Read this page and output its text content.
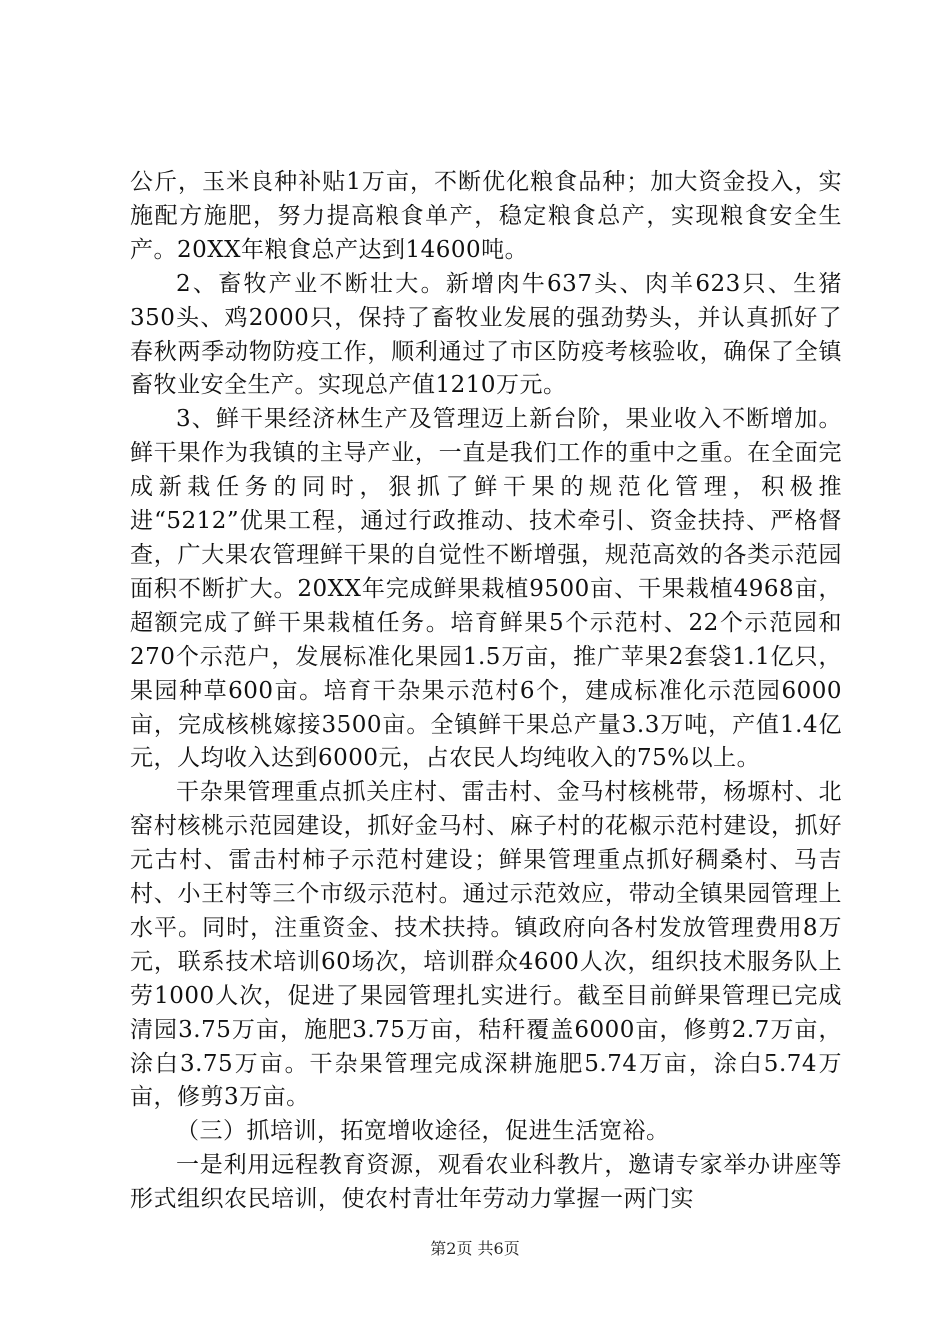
公斤，玉米良种补贴1万亩，不断优化粮食品种；加大资金投入，实施配方施肥，努力提高粮食单产，稳定粮食总产，实现粮食安全生产。20XX年粮食总产达到14600吨。

2、畜牧产业不断壮大。新增肉牛637头、肉羊623只、生猪350头、鸡2000只，保持了畜牧业发展的强劲势头，并认真抓好了春秋两季动物防疫工作，顺利通过了市区防疫考核验收，确保了全镇畜牧业安全生产。实现总产值1210万元。

3、鲜干果经济林生产及管理迈上新台阶，果业收入不断增加。鲜干果作为我镇的主导产业，一直是我们工作的重中之重。在全面完成新栽任务的同时，狠抓了鲜干果的规范化管理，积极推进“5212”优果工程，通过行政推动、技术牵引、资金扶持、严格督查，广大果农管理鲜干果的自觉性不断增强，规范高效的各类示范园面积不断扩大。20XX年完成鲜果栽植9500亩、干果栽植4968亩，超额完成了鲜干果栽植任务。培育鲜果5个示范村、22个示范园和270个示范户，发展标准化果园1.5万亩，推广苹果2套袋1.1亿只，果园种草600亩。培育干杂果示范村6个，建成标准化示范园6000亩，完成核桃嫁接3500亩。全镇鲜干果总产量3.3万吨，产值1.4亿元，人均收入达到6000元，占农民人均纯收入的75%以上。

干杂果管理重点抓关庄村、雷击村、金马村核桃带，杨塬村、北窑村核桃示范园建设，抓好金马村、麻子村的花椒示范村建设，抓好元古村、雷击村柿子示范村建设；鲜果管理重点抓好稠桑村、马吉村、小王村等三个市级示范村。通过示范效应，带动全镇果园管理上水平。同时，注重资金、技术扶持。镇政府向各村发放管理费用8万元，联系技术培训60场次，培训群众4600人次，组织技术服务队上劳1000人次，促进了果园管理扎实进行。截至目前鲜果管理已完成清园3.75万亩，施肥3.75万亩，秸秆覆盖6000亩，修剪2.7万亩，涂白3.75万亩。干杂果管理完成深耕施肥5.74万亩，涂白5.74万亩，修剪3万亩。

（三）抓培训，拓宽增收途径，促进生活宽裕。

一是利用远程教育资源，观看农业科教片，邀请专家举办讲座等形式组织农民培训，使农村青壮年劳动力掌握一两门实

第2页 共6页
